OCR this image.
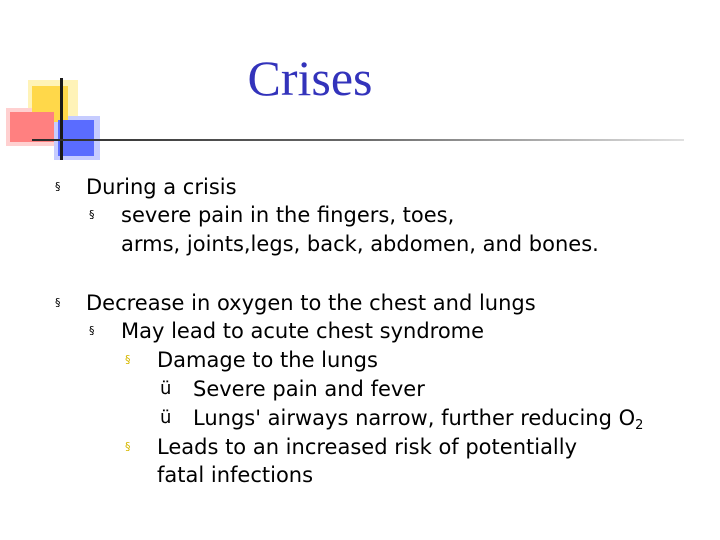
Crises
§ During a crisis
§ severe pain in the fingers, toes,
arms, joints,legs, back, abdomen, and bones.
§ Decrease in oxygen to the chest and lungs
§ May lead to acute chest syndrome
§ Damage to the lungs
ü Severe pain and fever
ü Lungs' airways narrow, further reducing $O_2$
§ Leads to an increased risk of potentially
fatal infections
